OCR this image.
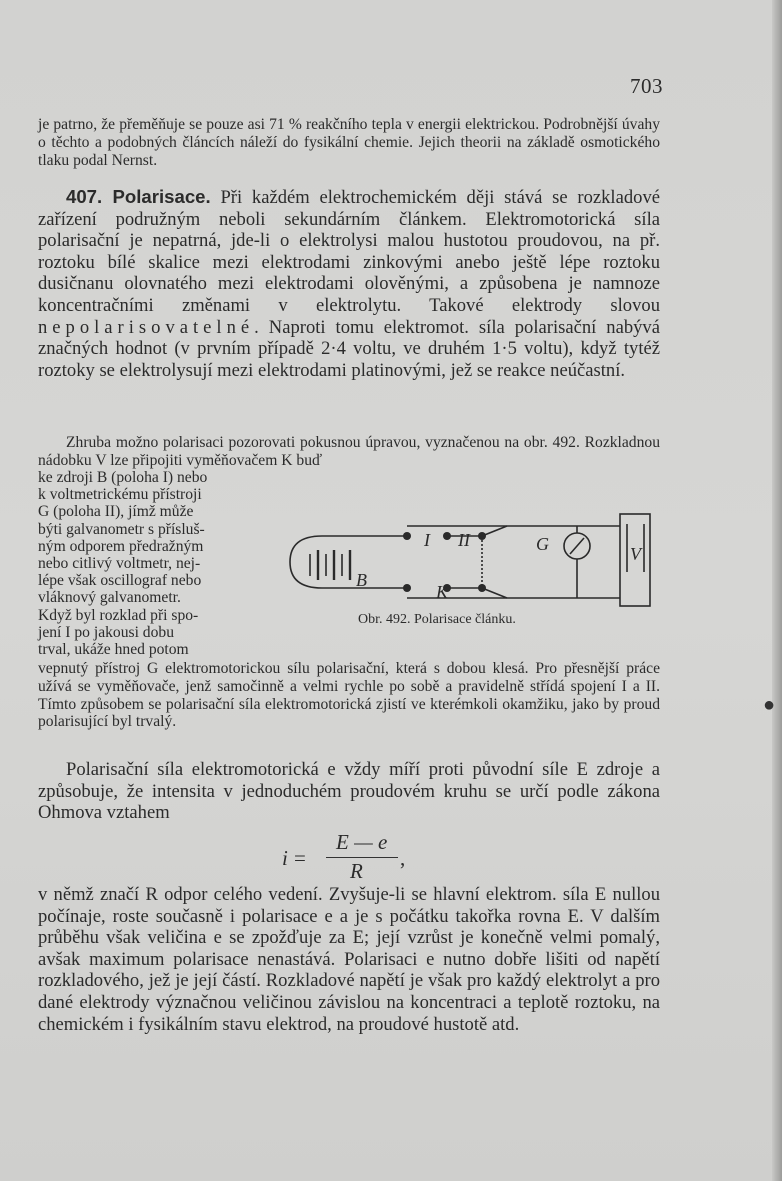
703
je patrno, že přeměňuje se pouze asi 71 % reakčního tepla v energii elektrickou. Podrobnější úvahy o těchto a podobných článcích náleží do fysikální chemie. Jejich theorii na základě osmotického tlaku podal Nernst.
407. Polarisace. Při každém elektrochemickém ději stává se rozkladové zařízení podružným neboli sekundárním článkem. Elektromotorická síla polarisační je nepatrná, jde-li o elektrolysi malou hustotou proudovou, na př. roztoku bílé skalice mezi elektrodami zinkovými anebo ještě lépe roztoku dusičnanu olovnatého mezi elektrodami olověnými, a způsobena je namnoze koncentračními změnami v elektrolytu. Takové elektrody slovou nepolarisovatelné. Naproti tomu elektromot. síla polarisační nabývá značných hodnot (v prvním případě 2·4 voltu, ve druhém 1·5 voltu), když tytéž roztoky se elektrolysují mezi elektrodami platinovými, jež se reakce neúčastní.
Zhruba možno polarisaci pozorovati pokusnou úpravou, vyznačenou na obr. 492. Rozkladnou nádobku V lze připojiti vyměňovačem K buď
ke zdroji B (poloha I) nebo
k voltmetrickému přístroji
G (poloha II), jímž může
býti galvanometr s přísluš-
ným odporem předražným
nebo citlivý voltmetr, nej-
lépe však oscillograf nebo
vláknový galvanometr.
Když byl rozklad při spo-
jení I po jakousi dobu
trval, ukáže hned potom
I II	G	V
B
K
Obr. 492. Polarisace článku.
vepnutý přístroj G elektromotorickou sílu polarisační, která s dobou klesá. Pro přesnější práce užívá se vyměňovače, jenž samočinně a velmi rychle po sobě a pravidelně střídá spojení I a II. Tímto způsobem se polarisační síla elektromotorická zjistí ve kterémkoli okamžiku, jako by proud polarisující byl trvalý.
Polarisační síla elektromotorická e vždy míří proti původní síle E zdroje a způsobuje, že intensita v jednoduchém proudovém kruhu se určí podle zákona Ohmova vztahem
i =
E — e
R
,
v němž značí R odpor celého vedení. Zvyšuje-li se hlavní elektrom. síla E nullou počínaje, roste současně i polarisace e a je s počátku takořka rovna E. V dalším průběhu však veličina e se zpožďuje za E; její vzrůst je konečně velmi pomalý, avšak maximum polarisace nenastává. Polarisaci e nutno dobře lišiti od napětí rozkladového, jež je její částí. Rozkladové napětí je však pro každý elektrolyt a pro dané elektrody význačnou veličinou závislou na koncentraci a teplotě roztoku, na chemickém i fysikálním stavu elektrod, na proudové hustotě atd.
●
